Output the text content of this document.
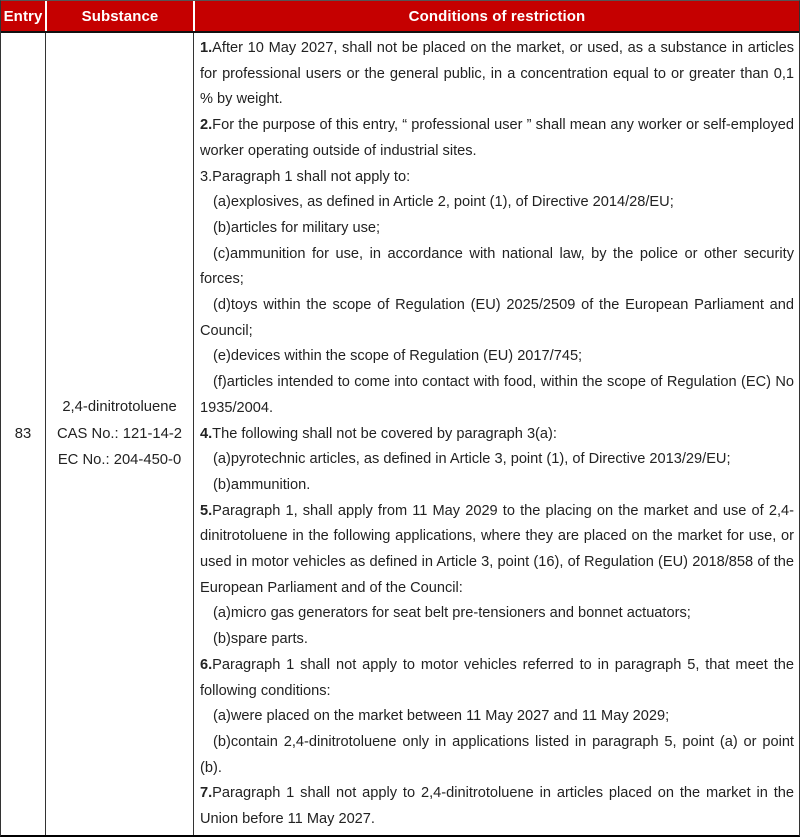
Entry	Substance	Conditions of restriction
83
2,4-dinitrotoluene
CAS No.: 121-14-2
EC No.: 204-450-0

1.After 10 May 2027, shall not be placed on the market, or used, as a substance in articles for professional users or the general public, in a concentration equal to or greater than 0,1 % by weight.

2.For the purpose of this entry, “ professional user ” shall mean any worker or self-employed worker operating outside of industrial sites.

3.Paragraph 1 shall not apply to:

(a)explosives, as defined in Article 2, point (1), of Directive 2014/28/EU;

(b)articles for military use;

(c)ammunition for use, in accordance with national law, by the police or other security forces;

(d)toys within the scope of Regulation (EU) 2025/2509 of the European Parliament and Council;

(e)devices within the scope of Regulation (EU) 2017/745;

(f)articles intended to come into contact with food, within the scope of Regulation (EC) No 1935/2004.

4.The following shall not be covered by paragraph 3(a):

(a)pyrotechnic articles, as defined in Article 3, point (1), of Directive 2013/29/EU;

(b)ammunition.

5.Paragraph 1, shall apply from 11 May 2029 to the placing on the market and use of 2,4-dinitrotoluene in the following applications, where they are placed on the market for use, or used in motor vehicles as defined in Article 3, point (16), of Regulation (EU) 2018/858 of the European Parliament and of the Council:

(a)micro gas generators for seat belt pre-tensioners and bonnet actuators;

(b)spare parts.

6.Paragraph 1 shall not apply to motor vehicles referred to in paragraph 5, that meet the following conditions:

(a)were placed on the market between 11 May 2027 and 11 May 2029;

(b)contain 2,4-dinitrotoluene only in applications listed in paragraph 5, point (a) or point (b).

7.Paragraph 1 shall not apply to 2,4-dinitrotoluene in articles placed on the market in the Union before 11 May 2027.
